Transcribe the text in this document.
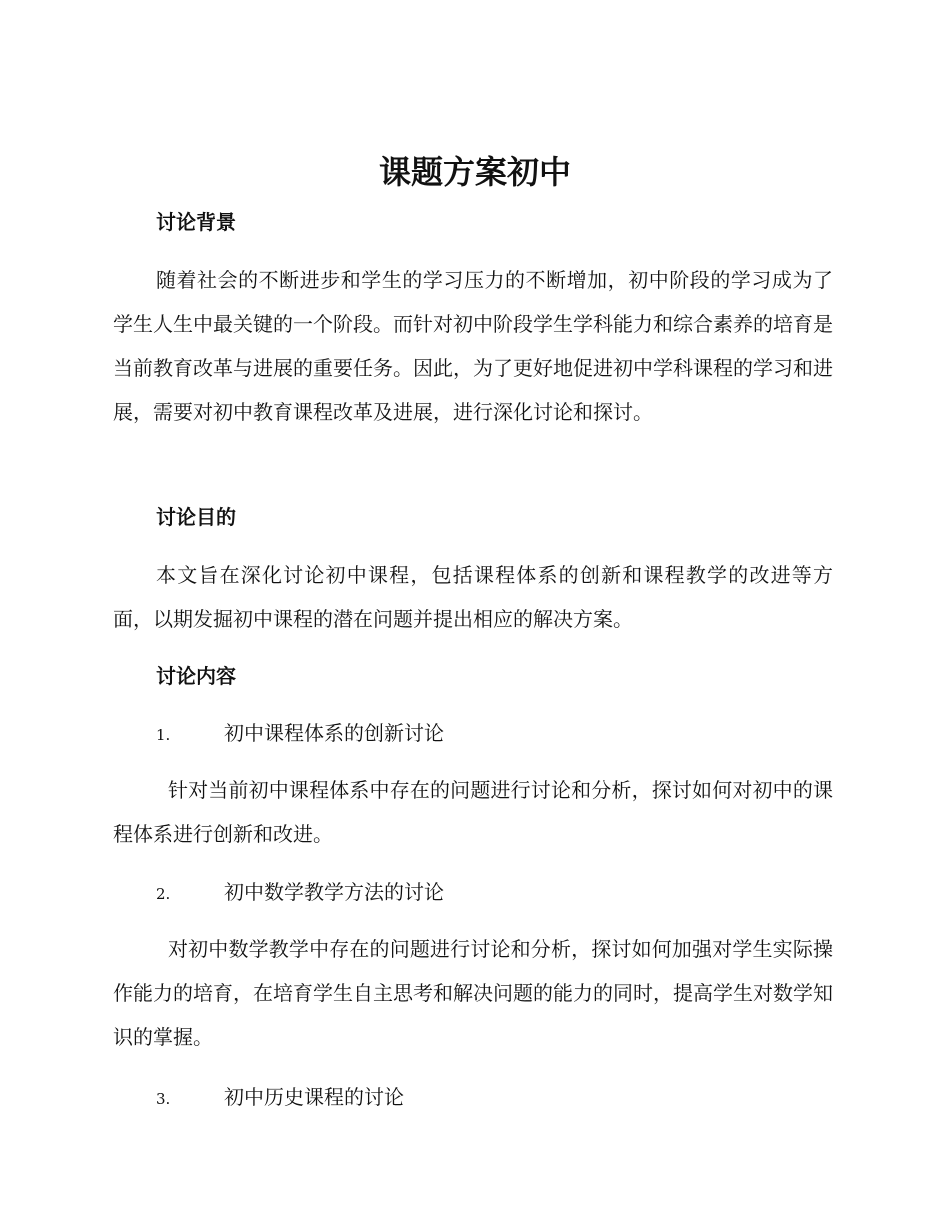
课题方案初中
讨论背景

随着社会的不断进步和学生的学习压力的不断增加，初中阶段的学习成为了学生人生中最关键的一个阶段。而针对初中阶段学生学科能力和综合素养的培育是当前教育改革与进展的重要任务。因此，为了更好地促进初中学科课程的学习和进展，需要对初中教育课程改革及进展，进行深化讨论和探讨。

讨论目的

本文旨在深化讨论初中课程，包括课程体系的创新和课程教学的改进等方面，以期发掘初中课程的潜在问题并提出相应的解决方案。

讨论内容
1.	初中课程体系的创新讨论

针对当前初中课程体系中存在的问题进行讨论和分析，探讨如何对初中的课程体系进行创新和改进。

2.	初中数学教学方法的讨论

对初中数学教学中存在的问题进行讨论和分析，探讨如何加强对学生实际操作能力的培育，在培育学生自主思考和解决问题的能力的同时，提高学生对数学知识的掌握。

3.	初中历史课程的讨论
